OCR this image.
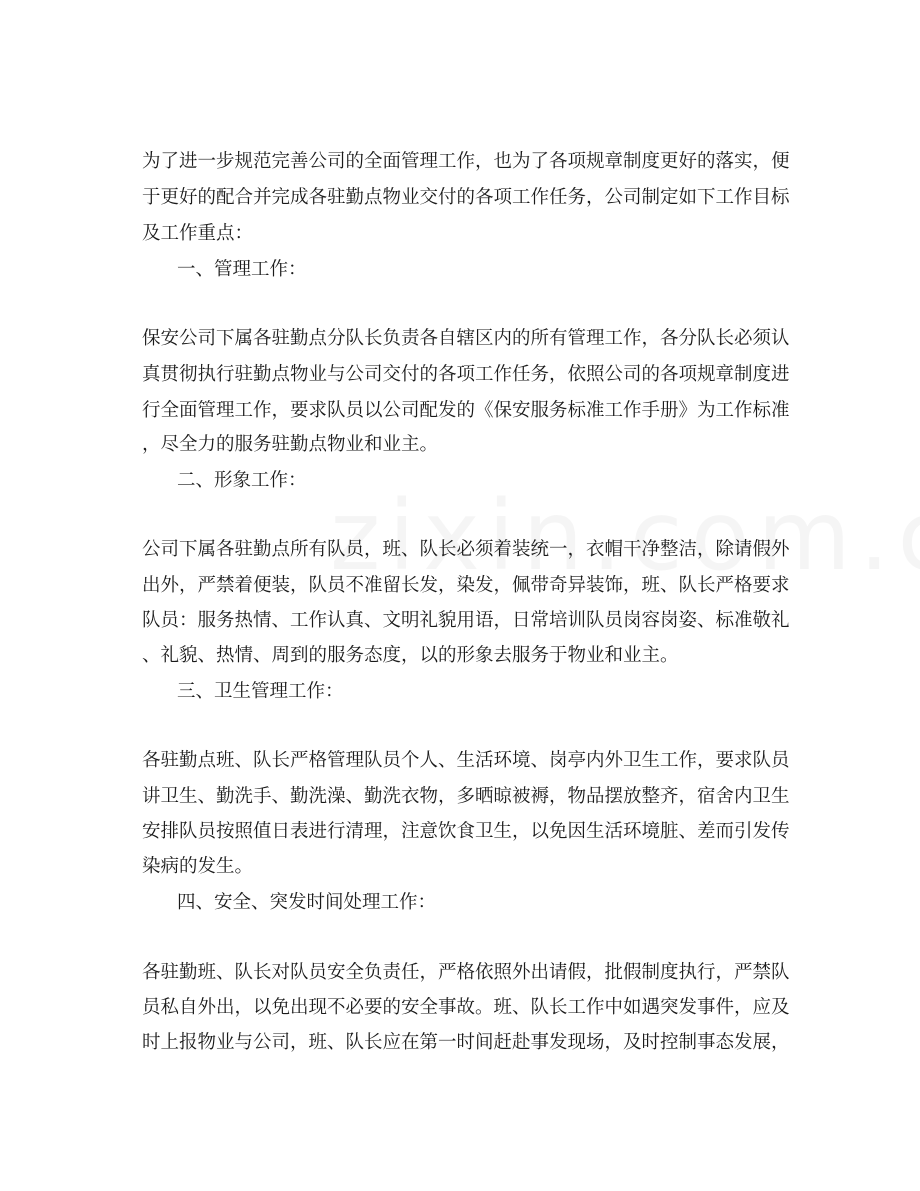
为了进一步规范完善公司的全面管理工作，也为了各项规章制度更好的落实，便
于更好的配合并完成各驻勤点物业交付的各项工作任务，公司制定如下工作目标
及工作重点：
一、管理工作：
保安公司下属各驻勤点分队长负责各自辖区内的所有管理工作，各分队长必须认
真贯彻执行驻勤点物业与公司交付的各项工作任务，依照公司的各项规章制度进
行全面管理工作，要求队员以公司配发的《保安服务标准工作手册》为工作标准
，尽全力的服务驻勤点物业和业主。
二、形象工作：
公司下属各驻勤点所有队员，班、队长必须着装统一，衣帽干净整洁，除请假外
出外，严禁着便装，队员不准留长发，染发，佩带奇异装饰，班、队长严格要求
队员：服务热情、工作认真、文明礼貌用语，日常培训队员岗容岗姿、标准敬礼
、礼貌、热情、周到的服务态度，以的形象去服务于物业和业主。
三、卫生管理工作：
各驻勤点班、队长严格管理队员个人、生活环境、岗亭内外卫生工作，要求队员
讲卫生、勤洗手、勤洗澡、勤洗衣物，多晒晾被褥，物品摆放整齐，宿舍内卫生
安排队员按照值日表进行清理，注意饮食卫生，以免因生活环境脏、差而引发传
染病的发生。
四、安全、突发时间处理工作：
各驻勤班、队长对队员安全负责任，严格依照外出请假，批假制度执行，严禁队
员私自外出，以免出现不必要的安全事故。班、队长工作中如遇突发事件，应及
时上报物业与公司，班、队长应在第一时间赶赴事发现场，及时控制事态发展，
